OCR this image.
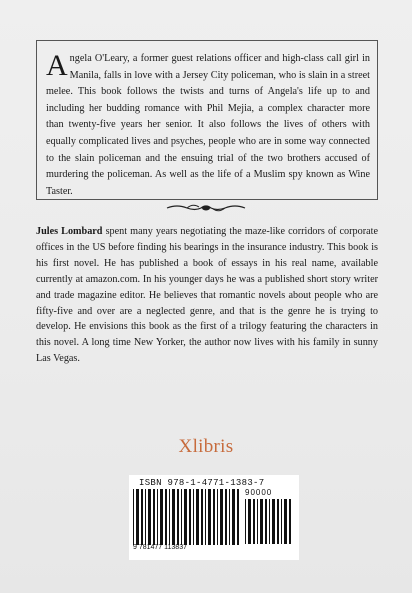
Angela O'Leary, a former guest relations officer and high-class call girl in Manila, falls in love with a Jersey City policeman, who is slain in a street melee. This book follows the twists and turns of Angela's life up to and including her budding romance with Phil Mejia, a complex character more than twenty-five years her senior. It also follows the lives of others with equally complicated lives and psyches, people who are in some way connected to the slain policeman and the ensuing trial of the two brothers accused of murdering the policeman. As well as the life of a Muslim spy known as Wine Taster.

Jules Lombard spent many years negotiating the maze-like corridors of corporate offices in the US before finding his bearings in the insurance industry. This book is his first novel. He has published a book of essays in his real name, available currently at amazon.com. In his younger days he was a published short story writer and trade magazine editor. He believes that romantic novels about people who are fifty-five and over are a neglected genre, and that is the genre he is trying to develop. He envisions this book as the first of a trilogy featuring the characters in this novel. A long time New Yorker, the author now lives with his family in sunny Las Vegas.

Xlibris
ISBN 978-1-4771-1383-7
9 781477 113837
90000
